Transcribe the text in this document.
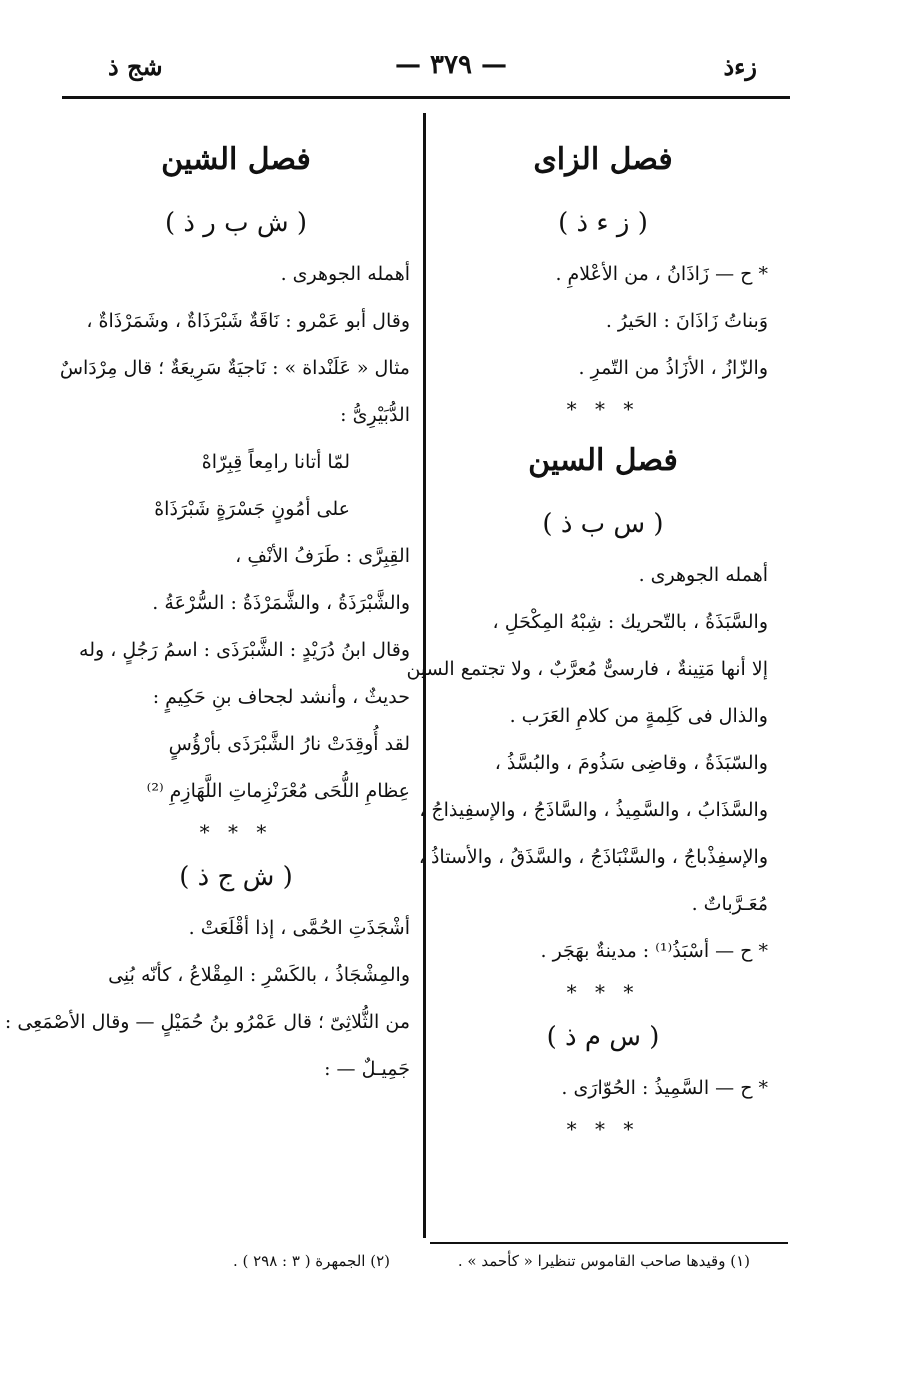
زءذ
— ٣٧٩ —
شج ذ
فصل الزاى
( ز ء ذ )
* ح — زَاذَانُ ، من الأعْلامِ .
وَبناتُ زَاذَانَ : الحَيرُ .
والزّازُ ، الأزَاذُ من التّمرِ .
* * *
فصل السين
( س ب ذ )
أهمله الجوهرى .
والسَّبَذَةُ ، بالتّحريك : شِبْهُ المِكْحَلِ ،
إلا أنها مَتِينةٌ ، فارسىٌّ مُعرَّبٌ ، ولا تجتمع السين
والذال فى كَلِمةٍ من كلامِ العَرَب .
والسّبَذَةُ ، وقاضِى سَذُومَ ، والبُسَّذُ ،
والسَّذَابُ ، والسَّمِيذُ ، والسَّاذَجُ ، والإسفِيذاجُ ،
والإسفِذْباجُ ، والسَّنْبَاذَجُ ، والسَّذَقُ ، والأستاذُ ،
مُعَـرَّباتٌ .
* ح — أسْبَذُ⁽¹⁾ : مدينةٌ بهَجَر .
* * *
( س م ذ )
* ح — السَّمِيذُ : الحُوّارَى .
* * *
فصل الشين
( ش ب ر ذ )
أهمله الجوهرى .
وقال أبو عَمْرو : نَاقَةٌ شَبْرَذَاةٌ ، وشَمَرْذَاةٌ ،
مثال « عَلَنْداة » : نَاجيَةٌ سَرِيعَةٌ ؛ قال مِرْدَاسٌ
الدُّبَيْرِىُّ :
لمّا أتانا رامِعاً قِبِرّاهْ
على أمُونٍ جَسْرَةٍ شَبْرَذَاهْ
القِبِرَّى : طَرَفُ الأنْفِ ،
والشَّبْرَذَةُ ، والشَّمَرْذَةُ : السُّرْعَةُ .
وقال ابنُ دُرَيْدٍ : الشَّبْرَذَى : اسمُ رَجُلٍ ، وله
حديثٌ ، وأنشد لجحاف بنِ حَكِيمٍ :
لقد أُوقِدَتْ نارُ الشَّبْرَذَى بأرْؤُسٍ
عِظامِ اللُّحَى مُعْرَنْزِماتِ اللَّهَازِمِ ⁽²⁾
* * *
( ش ج ذ )
أشْجَذَتِ الحُمَّى ، إذا أقْلَعَتْ .
والمِشْجَاذُ ، بالكَسْرِ : المِقْلاعُ ، كأنّه بُنِى
من الثُّلاثِىّ ؛ قال عَمْرُو بنُ حُمَيْلٍ — وقال الأصْمَعِى :
جَمِيـلٌ — :
(١) وقيدها صاحب القاموس تنظيرا « كأحمد » .
(٢) الجمهرة ( ٣ : ٢٩٨ ) .
